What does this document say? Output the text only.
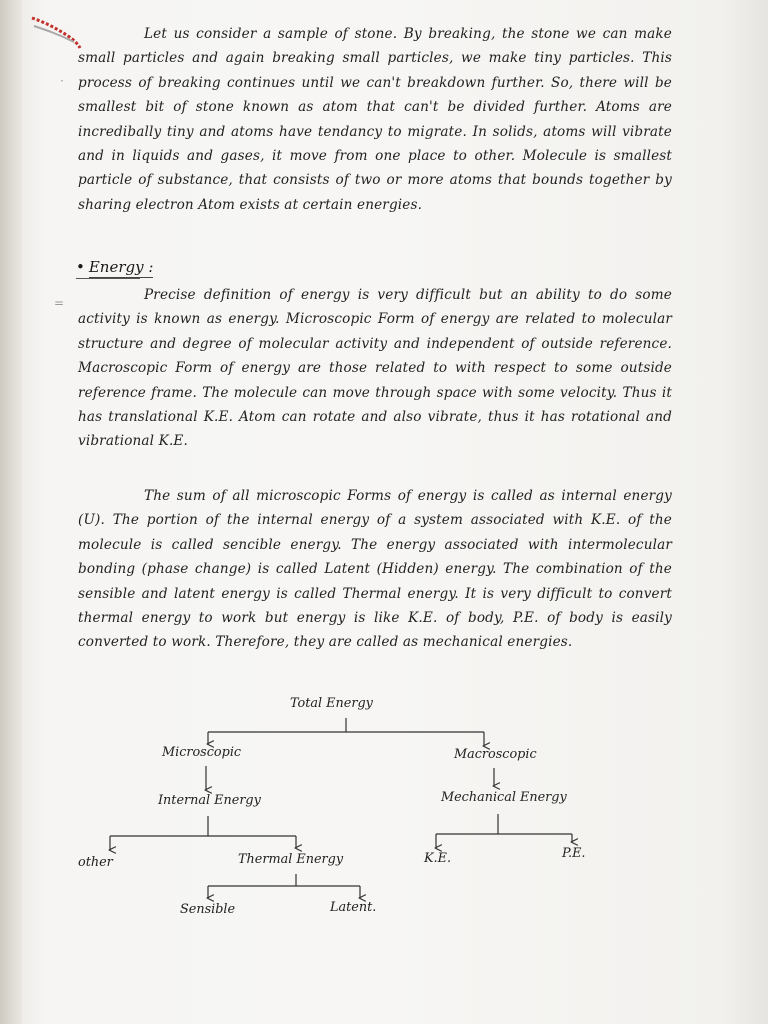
·
=

Let us consider a sample of stone. By breaking, the stone we can make small particles and again breaking small particles, we make tiny particles. This process of breaking continues until we can't breakdown further. So, there will be smallest bit of stone known as atom that can't be divided further. Atoms are incredibally tiny and atoms have tendancy to migrate. In solids, atoms will vibrate and in liquids and gases, it move from one place to other. Molecule is smallest particle of substance, that consists of two or more atoms that bounds together by sharing electron Atom exists at certain energies.

• Energy :

Precise definition of energy is very difficult but an ability to do some activity is known as energy. Microscopic Form of energy are related to molecular structure and degree of molecular activity and independent of outside reference. Macroscopic Form of energy are those related to with respect to some outside reference frame. The molecule can move through space with some velocity. Thus it has translational K.E. Atom can rotate and also vibrate, thus it has rotational and vibrational K.E.

The sum of all microscopic Forms of energy is called as internal energy (U). The portion of the internal energy of a system associated with K.E. of the molecule is called sencible energy. The energy associated with intermolecular bonding (phase change) is called Latent (Hidden) energy. The combination of the sensible and latent energy is called Thermal energy. It is very difficult to convert thermal energy to work but energy is like K.E. of body, P.E. of body is easily converted to work. Therefore, they are called as mechanical energies.

Total Energy
Microscopic	Macroscopic
Internal Energy	Mechanical Energy
other	Thermal Energy	K.E.	P.E.
Sensible	Latent.
